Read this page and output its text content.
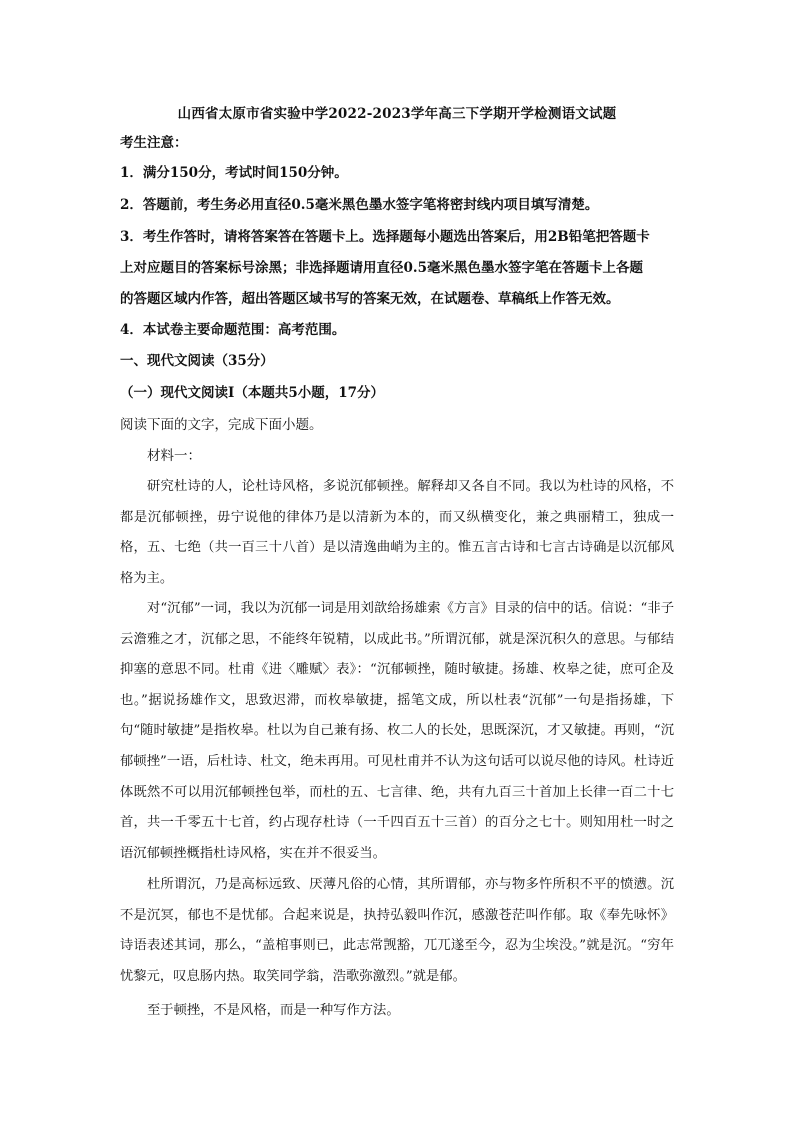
山西省太原市省实验中学2022-2023学年高三下学期开学检测语文试题
考生注意：
1．满分150分，考试时间150分钟。
2．答题前，考生务必用直径0.5毫米黑色墨水签字笔将密封线内项目填写清楚。
3．考生作答时，请将答案答在答题卡上。选择题每小题选出答案后，用2B铅笔把答题卡
上对应题目的答案标号涂黑；非选择题请用直径0.5毫米黑色墨水签字笔在答题卡上各题
的答题区域内作答，超出答题区域书写的答案无效，在试题卷、草稿纸上作答无效。
4．本试卷主要命题范围：高考范围。
一、现代文阅读（35分）
（一）现代文阅读Ⅰ（本题共5小题，17分）
阅读下面的文字，完成下面小题。
材料一：

研究杜诗的人，论杜诗风格，多说沉郁顿挫。解释却又各自不同。我以为杜诗的风格，不都是沉郁顿挫，毋宁说他的律体乃是以清新为本的，而又纵横变化，兼之典丽精工，独成一格，五、七绝（共一百三十八首）是以清逸曲峭为主的。惟五言古诗和七言古诗确是以沉郁风格为主。

对“沉郁”一词，我以为沉郁一词是用刘歆给扬雄索《方言》目录的信中的话。信说：“非子云澹雅之才，沉郁之思，不能终年锐精，以成此书。”所谓沉郁，就是深沉积久的意思。与郁结抑塞的意思不同。杜甫《进〈雕赋〉表》：“沉郁顿挫，随时敏捷。扬雄、枚皋之徒，庶可企及也。”据说扬雄作文，思致迟滞，而枚皋敏捷，摇笔文成，所以杜表“沉郁”一句是指扬雄，下句“随时敏捷”是指枚皋。杜以为自己兼有扬、枚二人的长处，思既深沉，才又敏捷。再则，“沉郁顿挫”一语，后杜诗、杜文，绝未再用。可见杜甫并不认为这句话可以说尽他的诗风。杜诗近体既然不可以用沉郁顿挫包举，而杜的五、七言律、绝，共有九百三十首加上长律一百二十七首，共一千零五十七首，约占现存杜诗（一千四百五十三首）的百分之七十。则知用杜一时之语沉郁顿挫概指杜诗风格，实在并不很妥当。

杜所谓沉，乃是高标远致、厌薄凡俗的心情，其所谓郁，亦与物多忤所积不平的愤懑。沉不是沉冥，郁也不是忧郁。合起来说是，执持弘毅叫作沉，感激苍茫叫作郁。取《奉先咏怀》诗语表述其词，那么，“盖棺事则已，此志常觊豁，兀兀遂至今，忍为尘埃没。”就是沉。“穷年忧黎元，叹息肠内热。取笑同学翁，浩歌弥激烈。”就是郁。

至于顿挫，不是风格，而是一种写作方法。
